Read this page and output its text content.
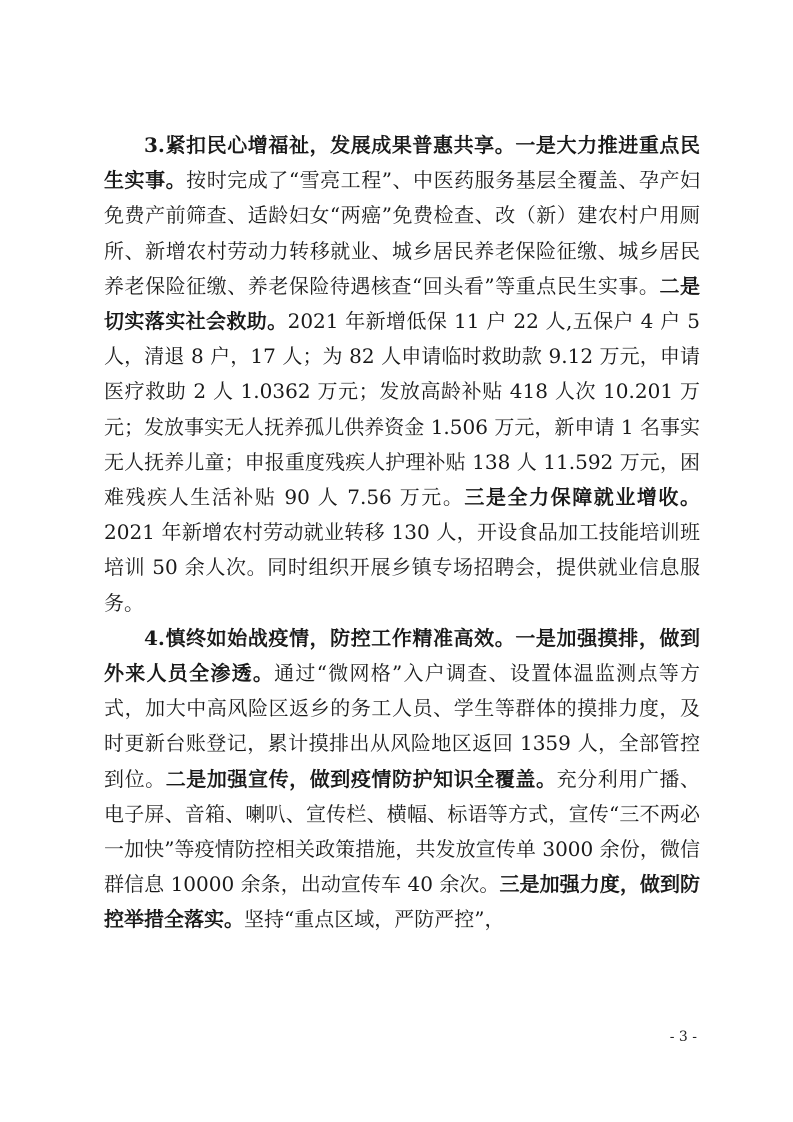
3.紧扣民心增福祉，发展成果普惠共享。一是大力推进重点民生实事。按时完成了“雪亮工程”、中医药服务基层全覆盖、孕产妇免费产前筛查、适龄妇女“两癌”免费检查、改（新）建农村户用厕所、新增农村劳动力转移就业、城乡居民养老保险征缴、城乡居民养老保险征缴、养老保险待遇核查“回头看”等重点民生实事。二是切实落实社会救助。2021 年新增低保 11 户 22 人,五保户 4 户 5 人，清退 8 户，17 人；为 82 人申请临时救助款 9.12 万元，申请医疗救助 2 人 1.0362 万元；发放高龄补贴 418 人次 10.201 万元；发放事实无人抚养孤儿供养资金 1.506 万元，新申请 1 名事实无人抚养儿童；申报重度残疾人护理补贴 138 人 11.592 万元，困难残疾人生活补贴 90 人 7.56 万元。三是全力保障就业增收。2021 年新增农村劳动就业转移 130 人，开设食品加工技能培训班培训 50 余人次。同时组织开展乡镇专场招聘会，提供就业信息服务。

4.慎终如始战疫情，防控工作精准高效。一是加强摸排，做到外来人员全渗透。通过“微网格”入户调查、设置体温监测点等方式，加大中高风险区返乡的务工人员、学生等群体的摸排力度，及时更新台账登记，累计摸排出从风险地区返回 1359 人，全部管控到位。二是加强宣传，做到疫情防护知识全覆盖。充分利用广播、电子屏、音箱、喇叭、宣传栏、横幅、标语等方式，宣传“三不两必一加快”等疫情防控相关政策措施，共发放宣传单 3000 余份，微信群信息 10000 余条，出动宣传车 40 余次。三是加强力度，做到防控举措全落实。坚持“重点区域，严防严控”，

- 3 -
